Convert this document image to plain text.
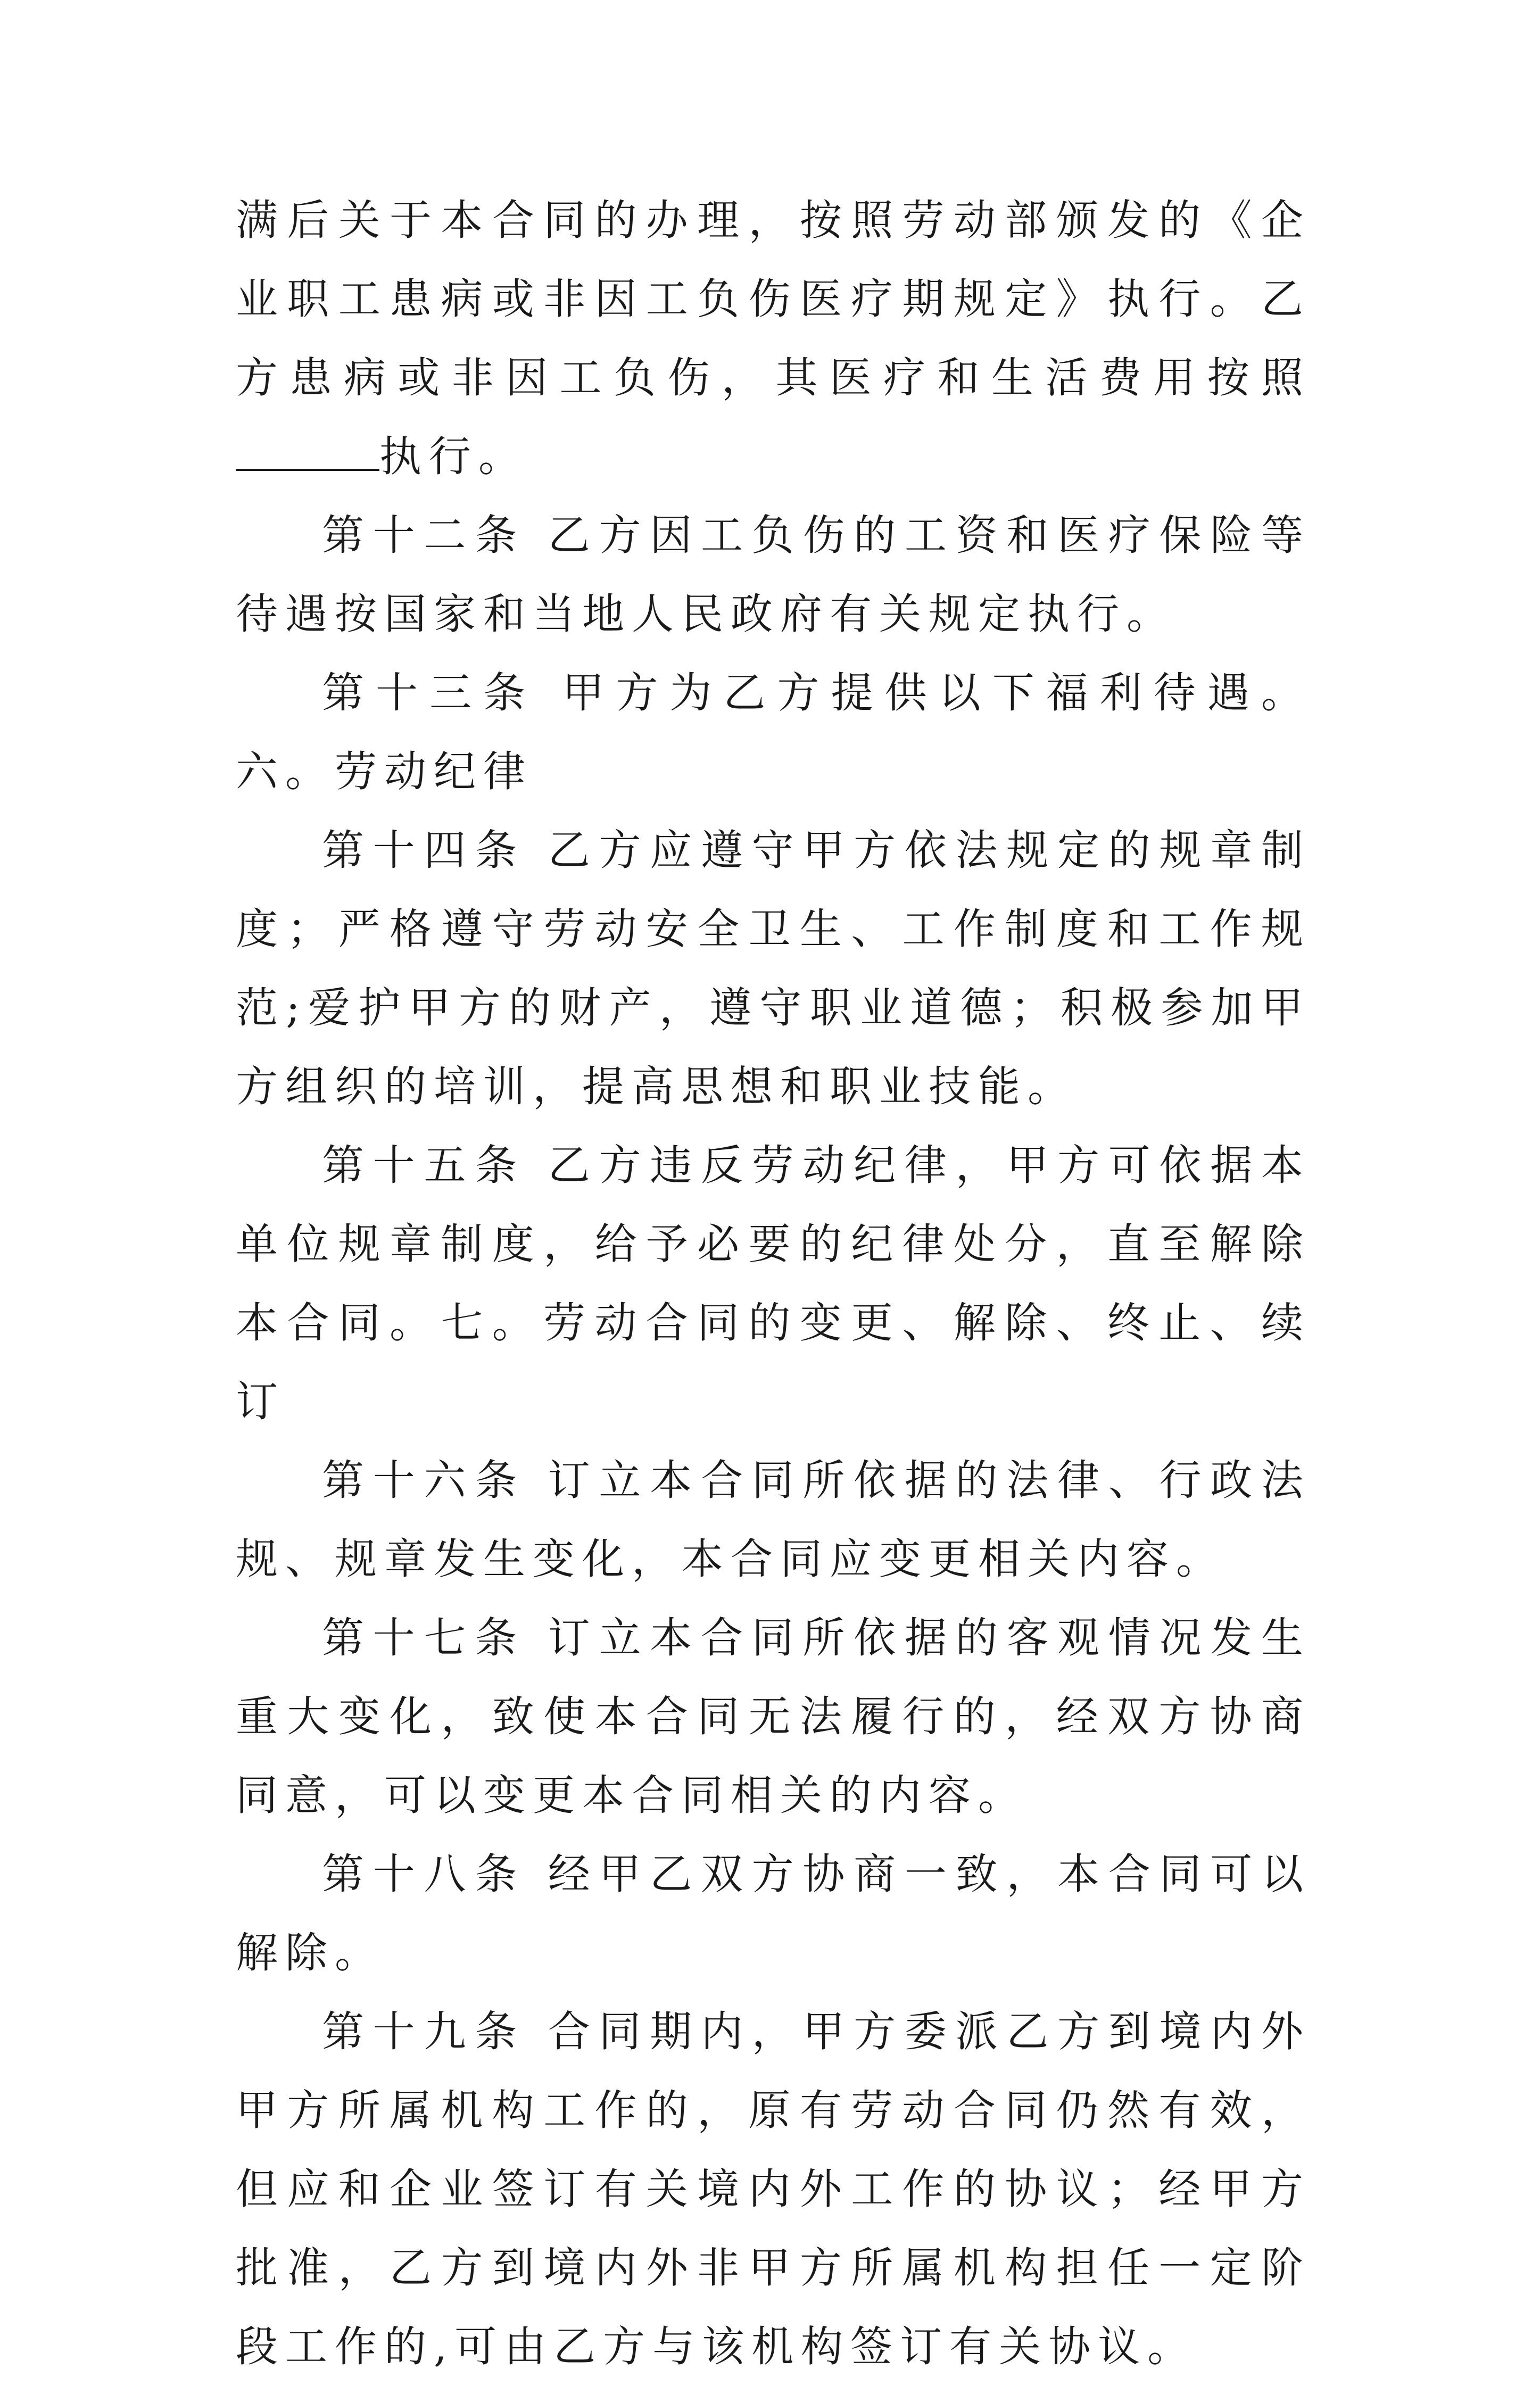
满后关于本合同的办理，按照劳动部颁发的《企业职工患病或非因工负伤医疗期规定》执行。乙方患病或非因工负伤，其医疗和生活费用按照执行。

第十二条 乙方因工负伤的工资和医疗保险等待遇按国家和当地人民政府有关规定执行。

第十三条 甲方为乙方提供以下福利待遇。六。劳动纪律

第十四条 乙方应遵守甲方依法规定的规章制度；严格遵守劳动安全卫生、工作制度和工作规范;爱护甲方的财产，遵守职业道德；积极参加甲方组织的培训，提高思想和职业技能。

第十五条 乙方违反劳动纪律，甲方可依据本单位规章制度，给予必要的纪律处分，直至解除本合同。七。劳动合同的变更、解除、终止、续订

第十六条 订立本合同所依据的法律、行政法规、规章发生变化，本合同应变更相关内容。

第十七条 订立本合同所依据的客观情况发生重大变化，致使本合同无法履行的，经双方协商同意，可以变更本合同相关的内容。

第十八条 经甲乙双方协商一致，本合同可以解除。

第十九条 合同期内，甲方委派乙方到境内外甲方所属机构工作的，原有劳动合同仍然有效，但应和企业签订有关境内外工作的协议；经甲方批准，乙方到境内外非甲方所属机构担任一定阶段工作的,可由乙方与该机构签订有关协议。
